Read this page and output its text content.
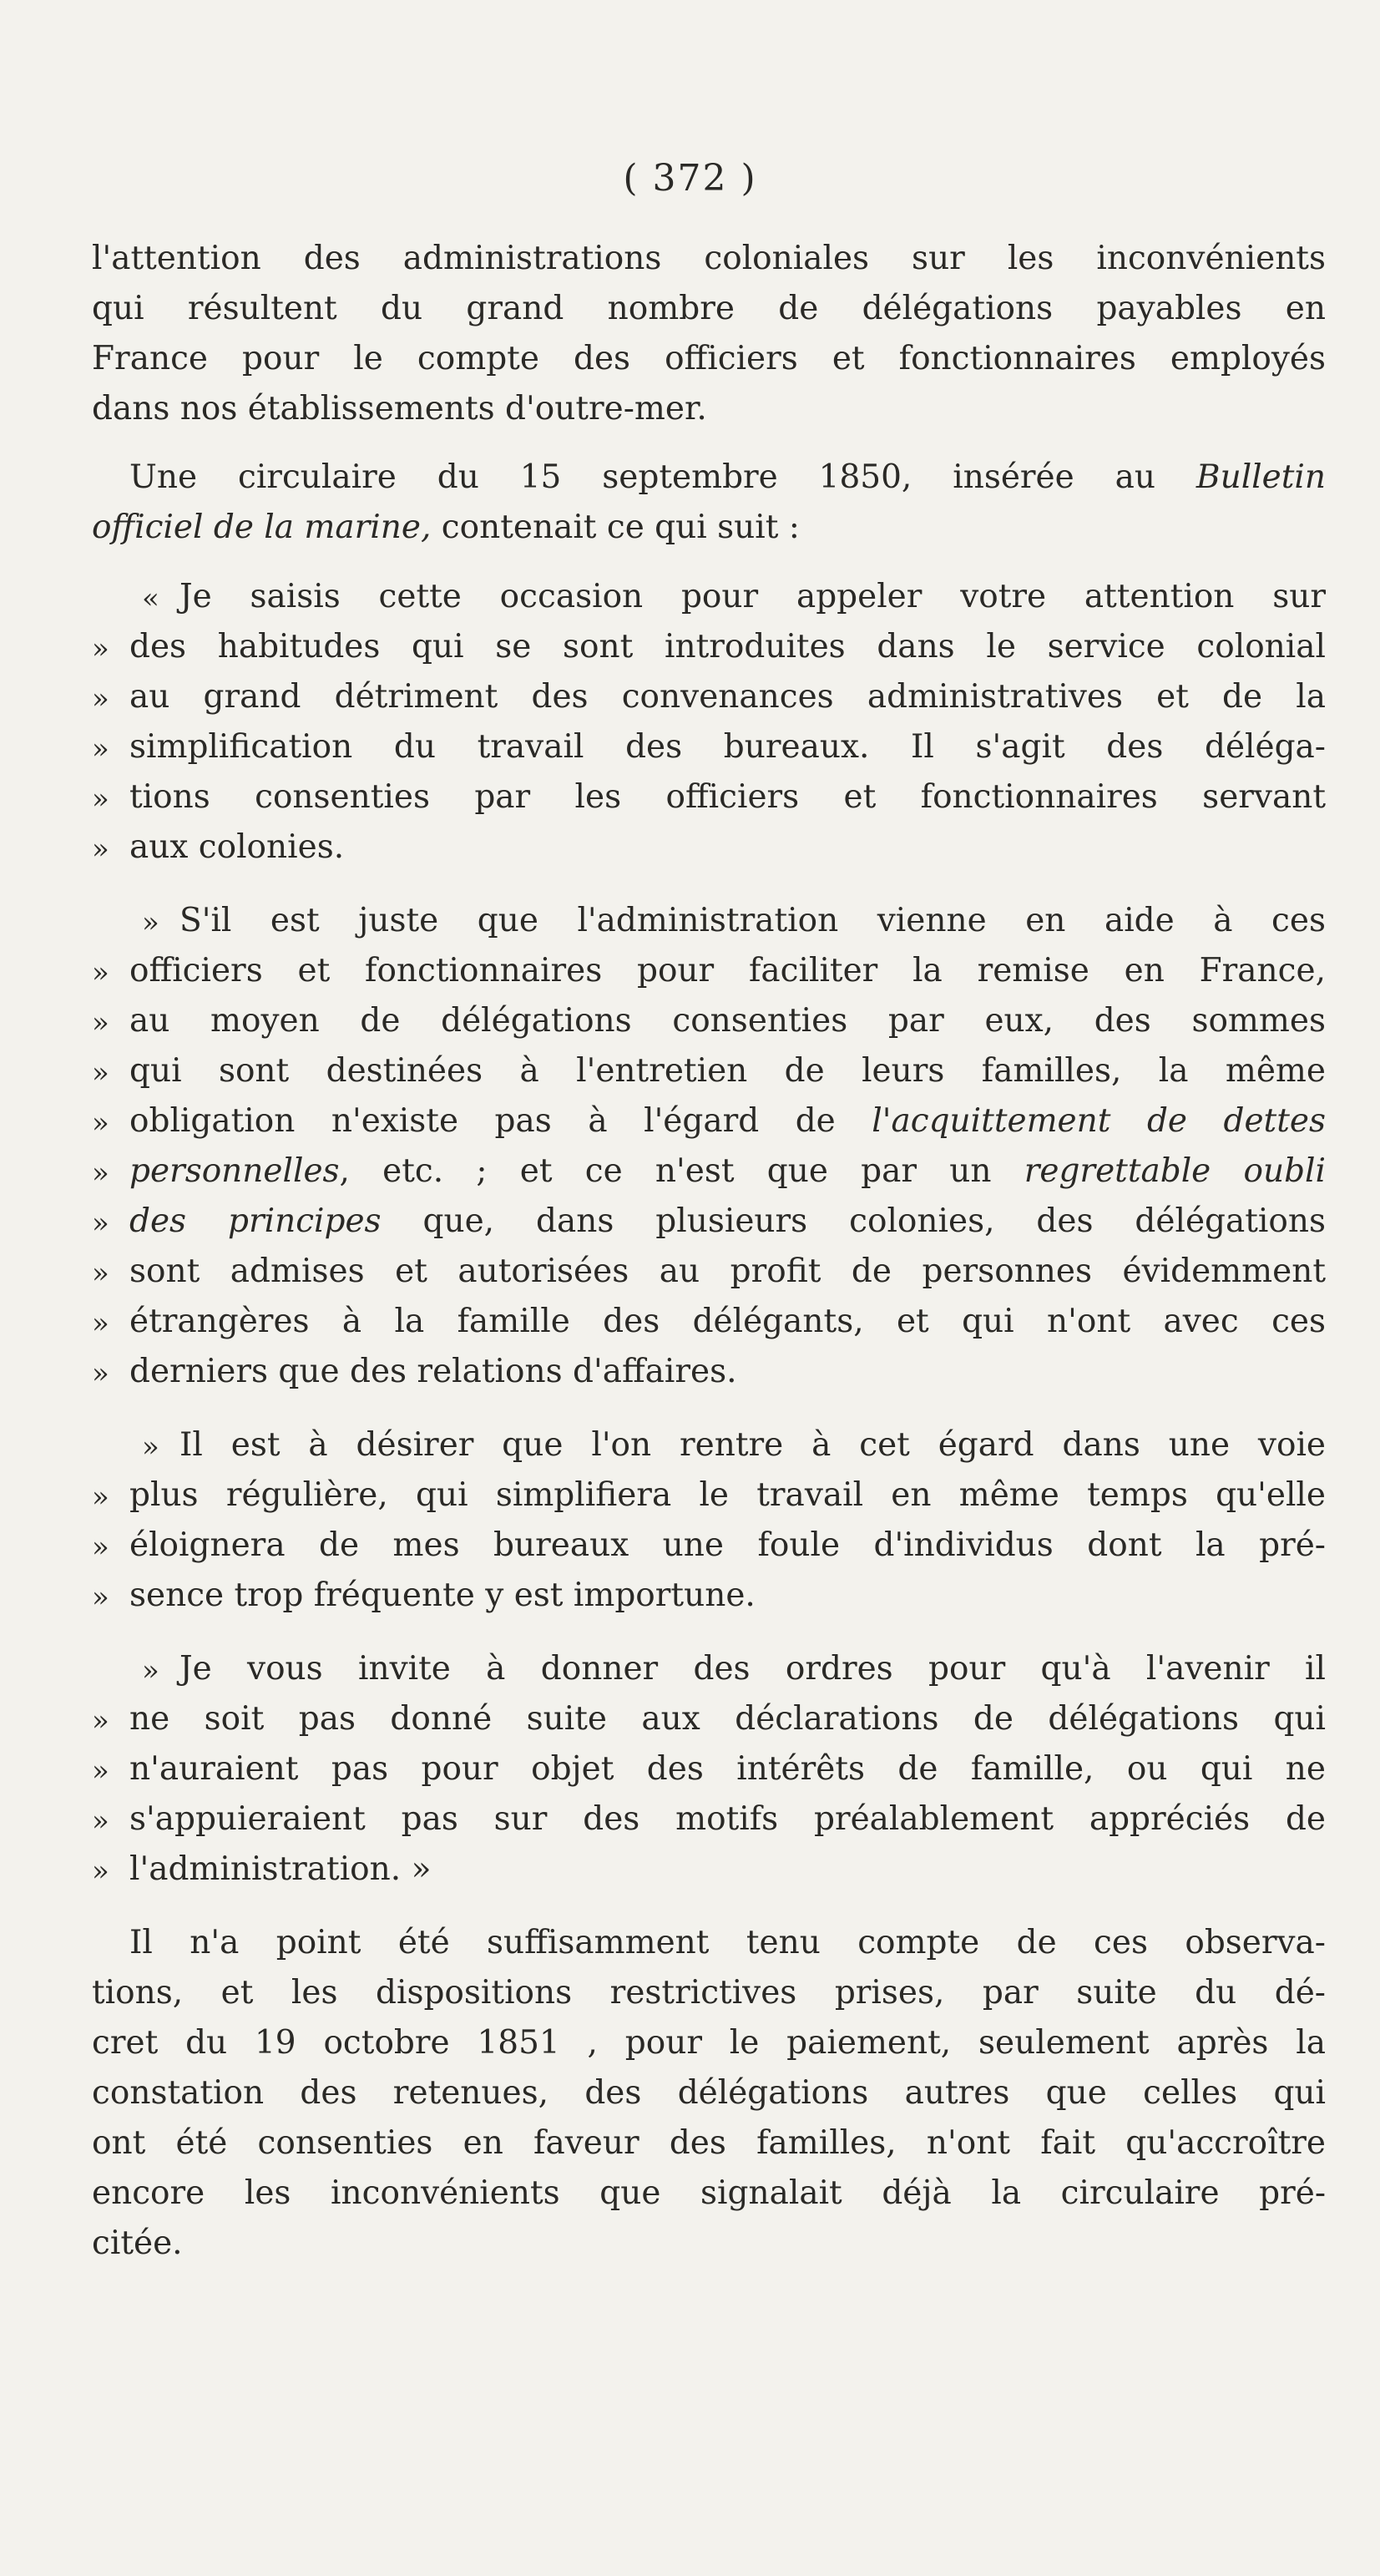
( 372 )
l'attention des administrations coloniales sur les inconvénients
qui résultent du grand nombre de délégations payables en
France pour le compte des officiers et fonctionnaires employés
dans nos établissements d'outre-mer.
Une circulaire du 15 septembre 1850, insérée au Bulletin
officiel de la marine, contenait ce qui suit :
« Je saisis cette occasion pour appeler votre attention sur
» des habitudes qui se sont introduites dans le service colonial
» au grand détriment des convenances administratives et de la
» simplification du travail des bureaux. Il s'agit des déléga-
» tions consenties par les officiers et fonctionnaires servant
» aux colonies.
» S'il est juste que l'administration vienne en aide à ces
» officiers et fonctionnaires pour faciliter la remise en France,
» au moyen de délégations consenties par eux, des sommes
» qui sont destinées à l'entretien de leurs familles, la même
» obligation n'existe pas à l'égard de l'acquittement de dettes
» personnelles, etc. ; et ce n'est que par un regrettable oubli
» des principes que, dans plusieurs colonies, des délégations
» sont admises et autorisées au profit de personnes évidemment
» étrangères à la famille des délégants, et qui n'ont avec ces
» derniers que des relations d'affaires.
» Il est à désirer que l'on rentre à cet égard dans une voie
» plus régulière, qui simplifiera le travail en même temps qu'elle
» éloignera de mes bureaux une foule d'individus dont la pré-
» sence trop fréquente y est importune.
» Je vous invite à donner des ordres pour qu'à l'avenir il
» ne soit pas donné suite aux déclarations de délégations qui
» n'auraient pas pour objet des intérêts de famille, ou qui ne
» s'appuieraient pas sur des motifs préalablement appréciés de
» l'administration. »
Il n'a point été suffisamment tenu compte de ces observa-
tions, et les dispositions restrictives prises, par suite du dé-
cret du 19 octobre 1851 , pour le paiement, seulement après la
constation des retenues, des délégations autres que celles qui
ont été consenties en faveur des familles, n'ont fait qu'accroître
encore les inconvénients que signalait déjà la circulaire pré-
citée.
